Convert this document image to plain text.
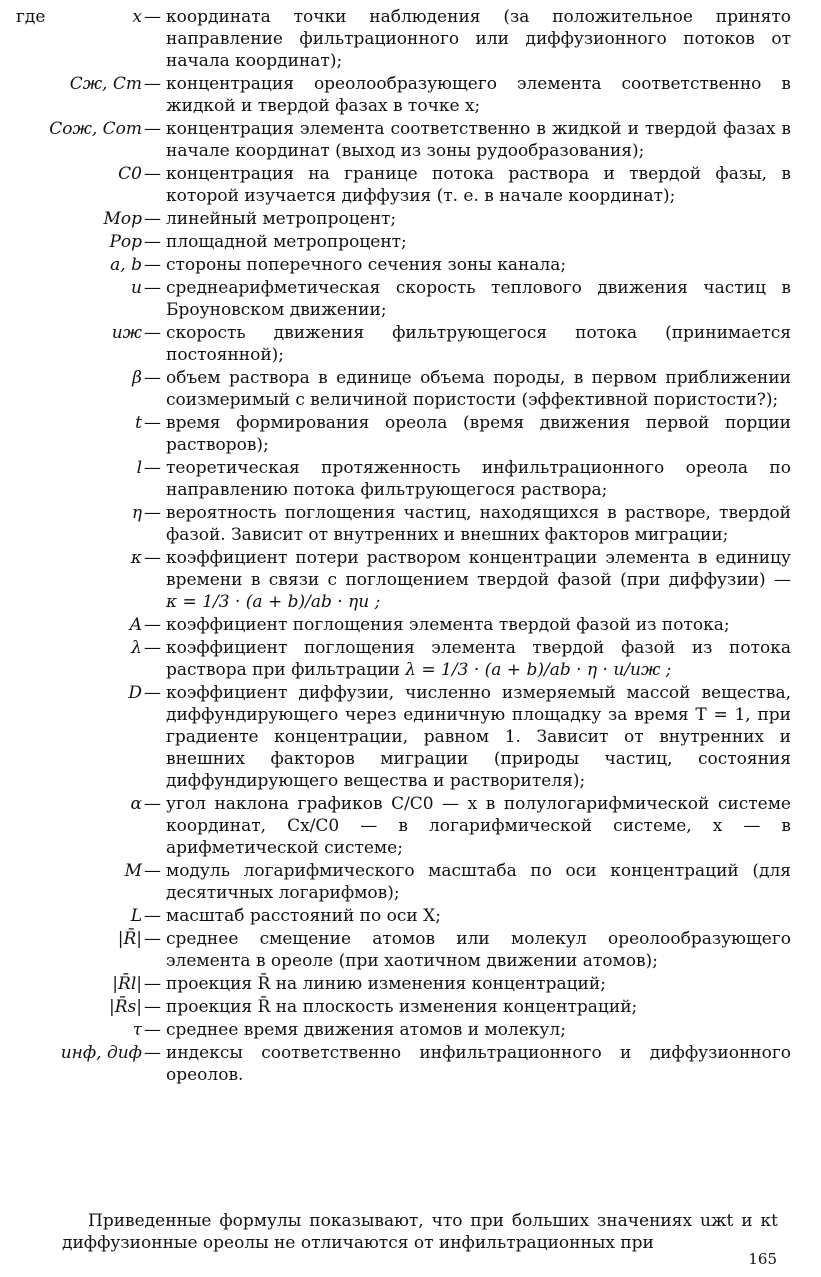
где	x — координата точки наблюдения (за положительное принято направление фильтрационного или диффузионного потоков от начала координат);
Cж, Cт — концентрация ореолообразующего элемента соответственно в жидкой и твердой фазах в точке x;
Cож, Cот — концентрация элемента соответственно в жидкой и твердой фазах в начале координат (выход из зоны рудообразования);
C0 — концентрация на границе потока раствора и твердой фазы, в которой изучается диффузия (т. е. в начале координат);
Mор — линейный метропроцент;
Pор — площадной метропроцент;
a, b — стороны поперечного сечения зоны канала;
u — среднеарифметическая скорость теплового движения частиц в Броуновском движении;
uж — скорость движения фильтрующегося потока (принимается постоянной);
β — объем раствора в единице объема породы, в первом приближении соизмеримый с величиной пористости (эффективной пористости?);
t — время формирования ореола (время движения первой порции растворов);
l — теоретическая протяженность инфильтрационного ореола по направлению потока фильтрующегося раствора;
η — вероятность поглощения частиц, находящихся в растворе, твердой фазой. Зависит от внутренних и внешних факторов миграции;
κ — коэффициент потери раствором концентрации элемента в единицу времени в связи с поглощением твердой фазой (при диффузии) — κ = 1/3 · (a + b)/ab · ηu ;
A — коэффициент поглощения элемента твердой фазой из потока;
λ — коэффициент поглощения элемента твердой фазой из потока раствора при фильтрации λ = 1/3 · (a + b)/ab · η · u/uж ;
D — коэффициент диффузии, численно измеряемый массой вещества, диффундирующего через единичную площадку за время T = 1, при градиенте концентрации, равном 1. Зависит от внутренних и внешних факторов миграции (природы частиц, состояния диффундирующего вещества и растворителя);
α — угол наклона графиков C/C0 — x в полулогарифмической системе координат, Cx/C0 — в логарифмической системе, x — в арифметической системе;
M — модуль логарифмического масштаба по оси концентраций (для десятичных логарифмов);
L — масштаб расстояний по оси X;
|R̄| — среднее смещение атомов или молекул ореолообразующего элемента в ореоле (при хаотичном движении атомов);
|R̄l| — проекция R̄ на линию изменения концентраций;
|R̄s| — проекция R̄ на плоскость изменения концентраций;
τ — среднее время движения атомов и молекул;
инф, диф — индексы соответственно инфильтрационного и диффузионного ореолов.

Приведенные формулы показывают, что при больших значениях uжt и κt диффузионные ореолы не отличаются от инфильтрационных при

165
